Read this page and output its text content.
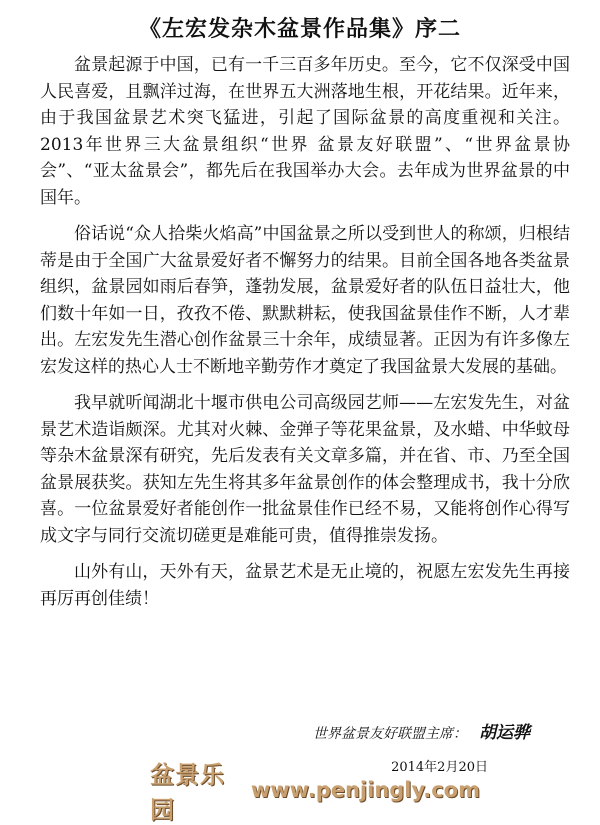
《左宏发杂木盆景作品集》序二

盆景起源于中国，已有一千三百多年历史。至今，它不仅深受中国人民喜爱，且飘洋过海，在世界五大洲落地生根，开花结果。近年来，由于我国盆景艺术突飞猛进，引起了国际盆景的高度重视和关注。2013年世界三大盆景组织“世界 盆景友好联盟”、“世界盆景协会”、“亚太盆景会”，都先后在我国举办大会。去年成为世界盆景的中国年。

俗话说“众人拾柴火焰高”中国盆景之所以受到世人的称颂，归根结蒂是由于全国广大盆景爱好者不懈努力的结果。目前全国各地各类盆景组织，盆景园如雨后春笋，蓬勃发展，盆景爱好者的队伍日益壮大，他们数十年如一日，孜孜不倦、默默耕耘，使我国盆景佳作不断，人才辈出。左宏发先生潜心创作盆景三十余年，成绩显著。正因为有许多像左宏发这样的热心人士不断地辛勤劳作才奠定了我国盆景大发展的基础。

我早就听闻湖北十堰市供电公司高级园艺师——左宏发先生，对盆景艺术造诣颇深。尤其对火棘、金弹子等花果盆景，及水蜡、中华蚊母等杂木盆景深有研究，先后发表有关文章多篇，并在省、市、乃至全国盆景展获奖。获知左先生将其多年盆景创作的体会整理成书，我十分欣喜。一位盆景爱好者能创作一批盆景佳作已经不易，又能将创作心得写成文字与同行交流切磋更是难能可贵，值得推崇发扬。

山外有山，天外有天，盆景艺术是无止境的，祝愿左宏发先生再接再厉再创佳绩！

世界盆景友好联盟主席： 胡运骅
2014年2月20日
盆景乐园
www.penjingly.com
